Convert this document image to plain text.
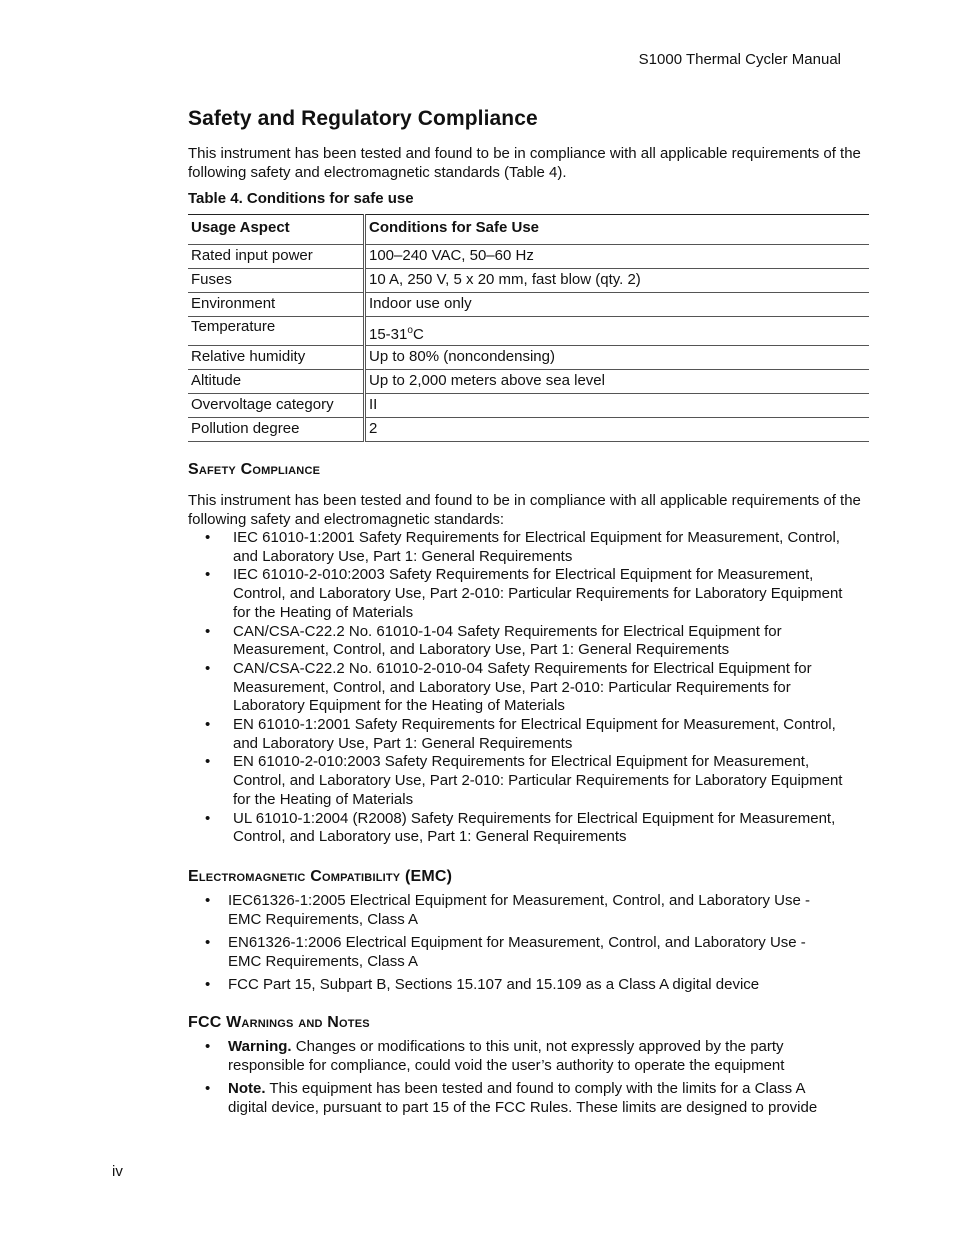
S1000 Thermal Cycler Manual
Safety and Regulatory Compliance

This instrument has been tested and found to be in compliance with all applicable requirements of the following safety and electromagnetic standards (Table 4).

Table 4. Conditions for safe use
Usage Aspect	Conditions for Safe Use
Rated input power	100–240 VAC, 50–60 Hz
Fuses	10 A, 250 V, 5 x 20 mm, fast blow (qty. 2)
Environment	Indoor use only
Temperature	15-31$^o$C
Relative humidity	Up to 80% (noncondensing)
Altitude	Up to 2,000 meters above sea level
Overvoltage category	II
Pollution degree	2
Safety Compliance

This instrument has been tested and found to be in compliance with all applicable requirements of the following safety and electromagnetic standards:

• IEC 61010-1:2001 Safety Requirements for Electrical Equipment for Measurement, Control, and Laboratory Use, Part 1: General Requirements
• IEC 61010-2-010:2003 Safety Requirements for Electrical Equipment for Measurement, Control, and Laboratory Use, Part 2-010: Particular Requirements for Laboratory Equipment for the Heating of Materials
• CAN/CSA-C22.2 No. 61010-1-04 Safety Requirements for Electrical Equipment for Measurement, Control, and Laboratory Use, Part 1: General Requirements
• CAN/CSA-C22.2 No. 61010-2-010-04 Safety Requirements for Electrical Equipment for Measurement, Control, and Laboratory Use, Part 2-010: Particular Requirements for Laboratory Equipment for the Heating of Materials
• EN 61010-1:2001 Safety Requirements for Electrical Equipment for Measurement, Control, and Laboratory Use, Part 1: General Requirements
• EN 61010-2-010:2003 Safety Requirements for Electrical Equipment for Measurement, Control, and Laboratory Use, Part 2-010: Particular Requirements for Laboratory Equipment for the Heating of Materials
• UL 61010-1:2004 (R2008) Safety Requirements for Electrical Equipment for Measurement, Control, and Laboratory use, Part 1: General Requirements
Electromagnetic Compatibility (EMC)
• IEC61326-1:2005 Electrical Equipment for Measurement, Control, and Laboratory Use - EMC Requirements, Class A
• EN61326-1:2006 Electrical Equipment for Measurement, Control, and Laboratory Use - EMC Requirements, Class A
• FCC Part 15, Subpart B, Sections 15.107 and 15.109 as a Class A digital device
FCC Warnings and Notes
• Warning. Changes or modifications to this unit, not expressly approved by the party responsible for compliance, could void the user’s authority to operate the equipment
• Note. This equipment has been tested and found to comply with the limits for a Class A digital device, pursuant to part 15 of the FCC Rules. These limits are designed to provide
iv
